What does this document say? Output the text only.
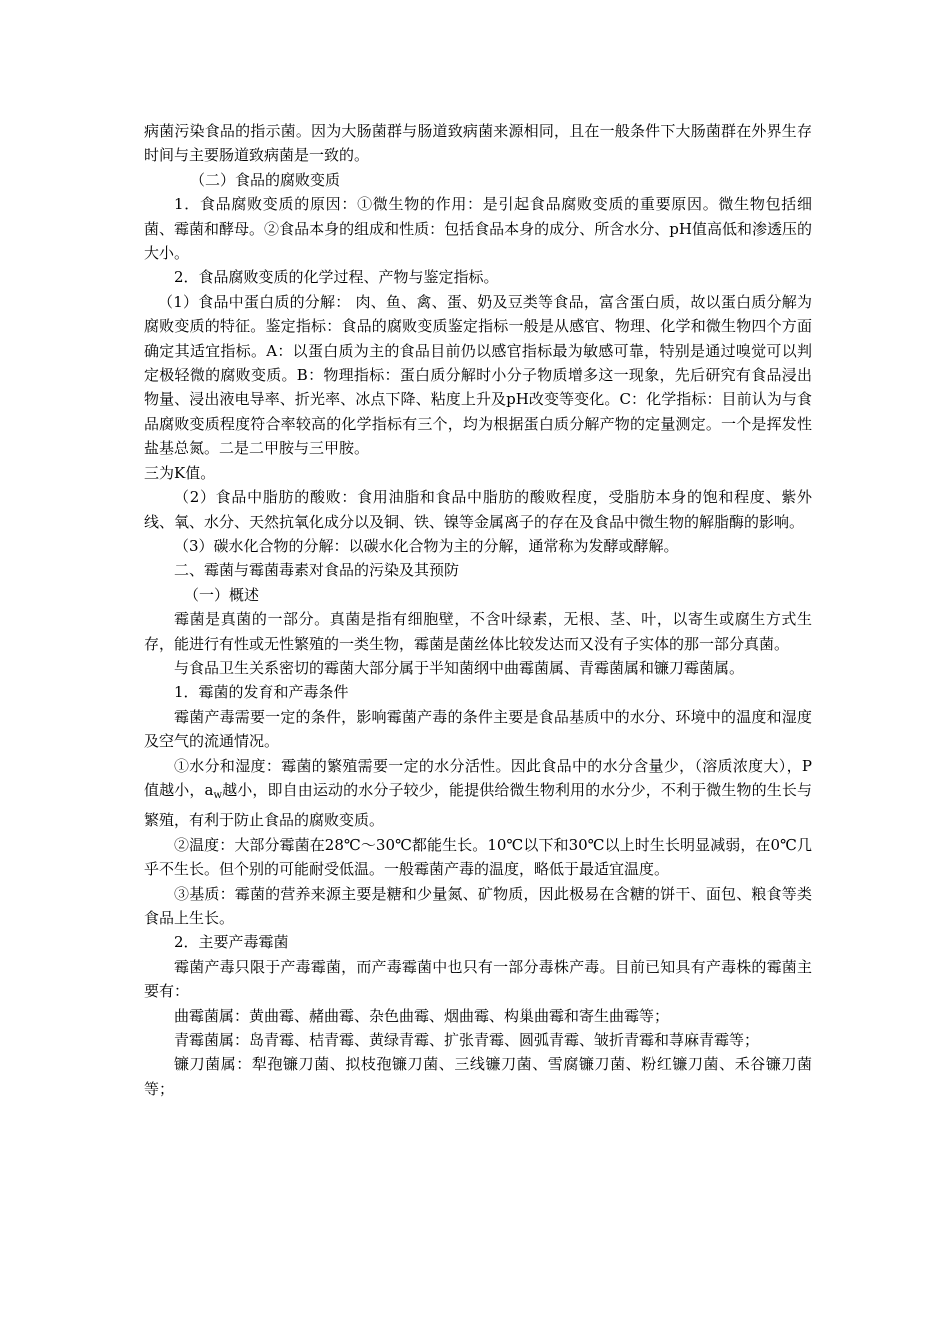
病菌污染食品的指示菌。因为大肠菌群与肠道致病菌来源相同，且在一般条件下大肠菌群在外界生存时间与主要肠道致病菌是一致的。

（二）食品的腐败变质

1．食品腐败变质的原因：①微生物的作用：是引起食品腐败变质的重要原因。微生物包括细菌、霉菌和酵母。②食品本身的组成和性质：包括食品本身的成分、所含水分、pH值高低和渗透压的大小。

2．食品腐败变质的化学过程、产物与鉴定指标。

（1）食品中蛋白质的分解： 肉、鱼、禽、蛋、奶及豆类等食品，富含蛋白质，故以蛋白质分解为腐败变质的特征。鉴定指标：食品的腐败变质鉴定指标一般是从感官、物理、化学和微生物四个方面确定其适宜指标。A：以蛋白质为主的食品目前仍以感官指标最为敏感可靠，特别是通过嗅觉可以判定极轻微的腐败变质。B：物理指标：蛋白质分解时小分子物质增多这一现象，先后研究有食品浸出物量、浸出液电导率、折光率、冰点下降、粘度上升及pH改变等变化。C：化学指标：目前认为与食品腐败变质程度符合率较高的化学指标有三个，均为根据蛋白质分解产物的定量测定。一个是挥发性盐基总氮。二是二甲胺与三甲胺。

三为K值。

（2）食品中脂肪的酸败：食用油脂和食品中脂肪的酸败程度，受脂肪本身的饱和程度、紫外线、氧、水分、天然抗氧化成分以及铜、铁、镍等金属离子的存在及食品中微生物的解脂酶的影响。

（3）碳水化合物的分解：以碳水化合物为主的分解，通常称为发酵或酵解。

二、霉菌与霉菌毒素对食品的污染及其预防

（一）概述

霉菌是真菌的一部分。真菌是指有细胞壁，不含叶绿素，无根、茎、叶，以寄生或腐生方式生存，能进行有性或无性繁殖的一类生物，霉菌是菌丝体比较发达而又没有子实体的那一部分真菌。

与食品卫生关系密切的霉菌大部分属于半知菌纲中曲霉菌属、青霉菌属和镰刀霉菌属。

1．霉菌的发育和产毒条件

霉菌产毒需要一定的条件，影响霉菌产毒的条件主要是食品基质中的水分、环境中的温度和湿度及空气的流通情况。

①水分和湿度：霉菌的繁殖需要一定的水分活性。因此食品中的水分含量少，（溶质浓度大），P值越小，$a_w$越小，即自由运动的水分子较少，能提供给微生物利用的水分少，不利于微生物的生长与繁殖，有利于防止食品的腐败变质。

②温度：大部分霉菌在28℃～30℃都能生长。10℃以下和30℃以上时生长明显减弱，在0℃几乎不生长。但个别的可能耐受低温。一般霉菌产毒的温度，略低于最适宜温度。

③基质：霉菌的营养来源主要是糖和少量氮、矿物质，因此极易在含糖的饼干、面包、粮食等类食品上生长。

2．主要产毒霉菌

霉菌产毒只限于产毒霉菌，而产毒霉菌中也只有一部分毒株产毒。目前已知具有产毒株的霉菌主要有：

曲霉菌属：黄曲霉、赭曲霉、杂色曲霉、烟曲霉、构巢曲霉和寄生曲霉等；

青霉菌属：岛青霉、桔青霉、黄绿青霉、扩张青霉、圆弧青霉、皱折青霉和荨麻青霉等；

镰刀菌属：犁孢镰刀菌、拟枝孢镰刀菌、三线镰刀菌、雪腐镰刀菌、粉红镰刀菌、禾谷镰刀菌等；
